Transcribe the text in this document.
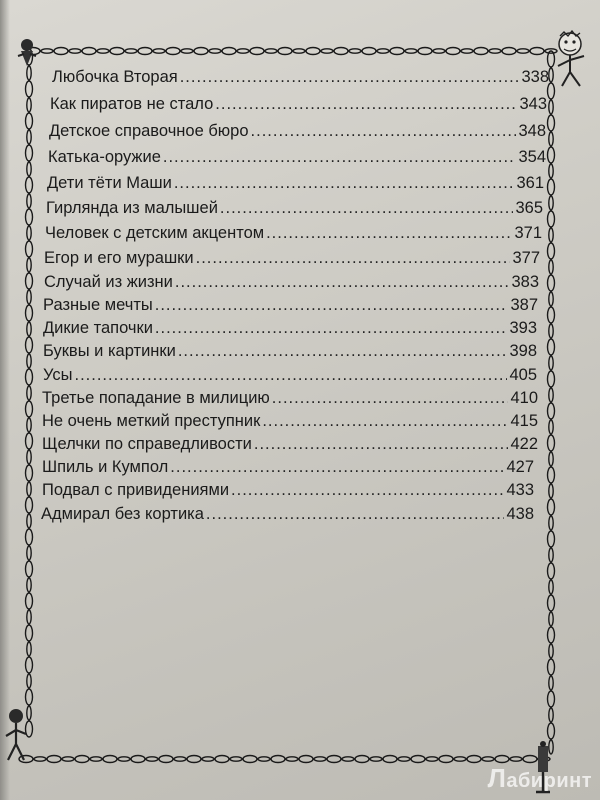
Любочка Вторая .....	338
Как пиратов не стало .....	343
Детское справочное бюро .....	348
Катька-оружие .....	354
Дети тёти Маши .....	361
Гирлянда из малышей .....	365
Человек с детским акцентом .....	371
Егор и его мурашки .....	377
Случай из жизни .....	383
Разные мечты .....	387
Дикие тапочки .....	393
Буквы и картинки .....	398
Усы .....	405
Третье попадание в милицию .....	410
Не очень меткий преступник .....	415
Щелчки по справедливости .....	422
Шпиль и Кумпол .....	427
Подвал с привидениями .....	433
Адмирал без кортика .....	438
Лабиринт
